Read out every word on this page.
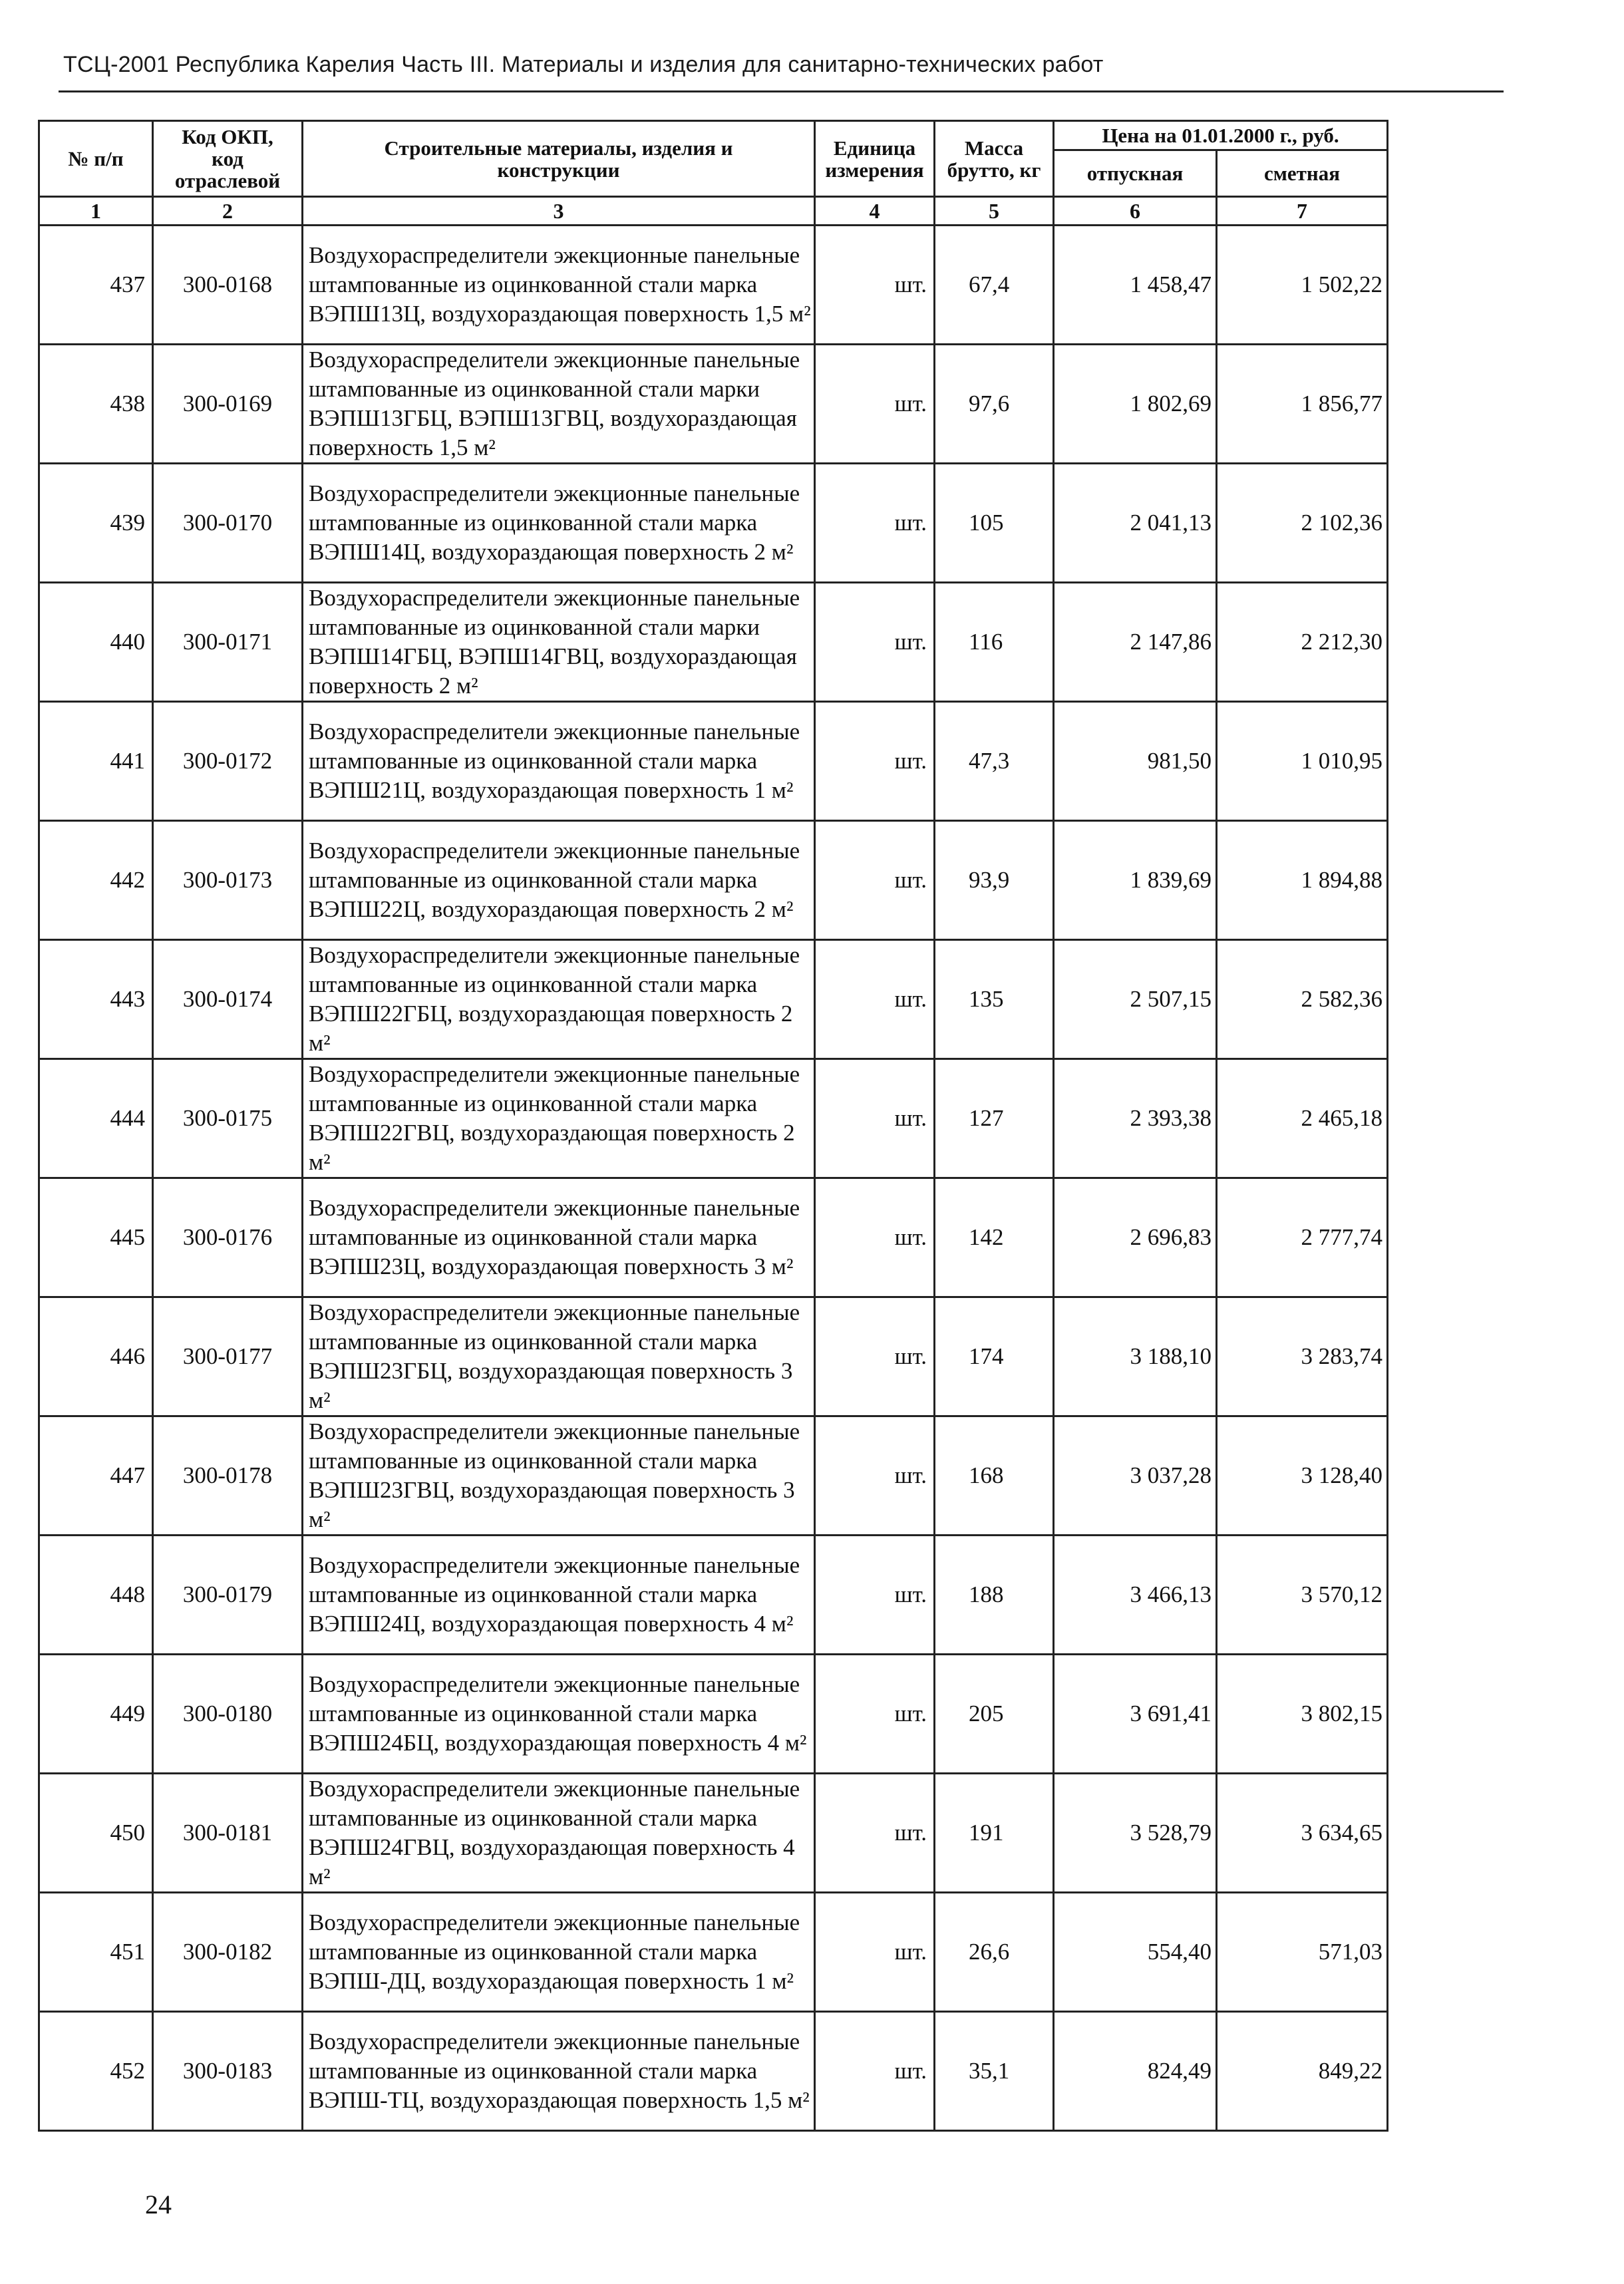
ТСЦ-2001 Республика Карелия Часть III. Материалы и изделия для санитарно-технических работ
№ п/п	Код ОКП, код отраслевой	Строительные материалы, изделия и конструкции	Единица измерения	Масса брутто, кг	Цена на 01.01.2000 г., руб.	
					отпускная	сметная
1	2	3	4	5	6	7
437	300-0168	Воздухораспределители эжекционные панельные штампованные из оцинкованной стали марка ВЭПШ13Ц, воздухораздающая поверхность 1,5 м²	шт.	67,4	1 458,47	1 502,22
438	300-0169	Воздухораспределители эжекционные панельные штампованные из оцинкованной стали марки ВЭПШ13ГБЦ, ВЭПШ13ГВЦ, воздухораздающая поверхность 1,5 м²	шт.	97,6	1 802,69	1 856,77
439	300-0170	Воздухораспределители эжекционные панельные штампованные из оцинкованной стали марка ВЭПШ14Ц, воздухораздающая поверхность 2 м²	шт.	105	2 041,13	2 102,36
440	300-0171	Воздухораспределители эжекционные панельные штампованные из оцинкованной стали марки ВЭПШ14ГБЦ, ВЭПШ14ГВЦ, воздухораздающая поверхность 2 м²	шт.	116	2 147,86	2 212,30
441	300-0172	Воздухораспределители эжекционные панельные штампованные из оцинкованной стали марка ВЭПШ21Ц, воздухораздающая поверхность 1 м²	шт.	47,3	981,50	1 010,95
442	300-0173	Воздухораспределители эжекционные панельные штампованные из оцинкованной стали марка ВЭПШ22Ц, воздухораздающая поверхность 2 м²	шт.	93,9	1 839,69	1 894,88
443	300-0174	Воздухораспределители эжекционные панельные штампованные из оцинкованной стали марка ВЭПШ22ГБЦ, воздухораздающая поверхность 2 м²	шт.	135	2 507,15	2 582,36
444	300-0175	Воздухораспределители эжекционные панельные штампованные из оцинкованной стали марка ВЭПШ22ГВЦ, воздухораздающая поверхность 2 м²	шт.	127	2 393,38	2 465,18
445	300-0176	Воздухораспределители эжекционные панельные штампованные из оцинкованной стали марка ВЭПШ23Ц, воздухораздающая поверхность 3 м²	шт.	142	2 696,83	2 777,74
446	300-0177	Воздухораспределители эжекционные панельные штампованные из оцинкованной стали марка ВЭПШ23ГБЦ, воздухораздающая поверхность 3 м²	шт.	174	3 188,10	3 283,74
447	300-0178	Воздухораспределители эжекционные панельные штампованные из оцинкованной стали марка ВЭПШ23ГВЦ, воздухораздающая поверхность 3 м²	шт.	168	3 037,28	3 128,40
448	300-0179	Воздухораспределители эжекционные панельные штампованные из оцинкованной стали марка ВЭПШ24Ц, воздухораздающая поверхность 4 м²	шт.	188	3 466,13	3 570,12
449	300-0180	Воздухораспределители эжекционные панельные штампованные из оцинкованной стали марка ВЭПШ24БЦ, воздухораздающая поверхность 4 м²	шт.	205	3 691,41	3 802,15
450	300-0181	Воздухораспределители эжекционные панельные штампованные из оцинкованной стали марка ВЭПШ24ГВЦ, воздухораздающая поверхность 4 м²	шт.	191	3 528,79	3 634,65
451	300-0182	Воздухораспределители эжекционные панельные штампованные из оцинкованной стали марка ВЭПШ-ДЦ, воздухораздающая поверхность 1 м²	шт.	26,6	554,40	571,03
452	300-0183	Воздухораспределители эжекционные панельные штампованные из оцинкованной стали марка ВЭПШ-ТЦ, воздухораздающая поверхность 1,5 м²	шт.	35,1	824,49	849,22
24
